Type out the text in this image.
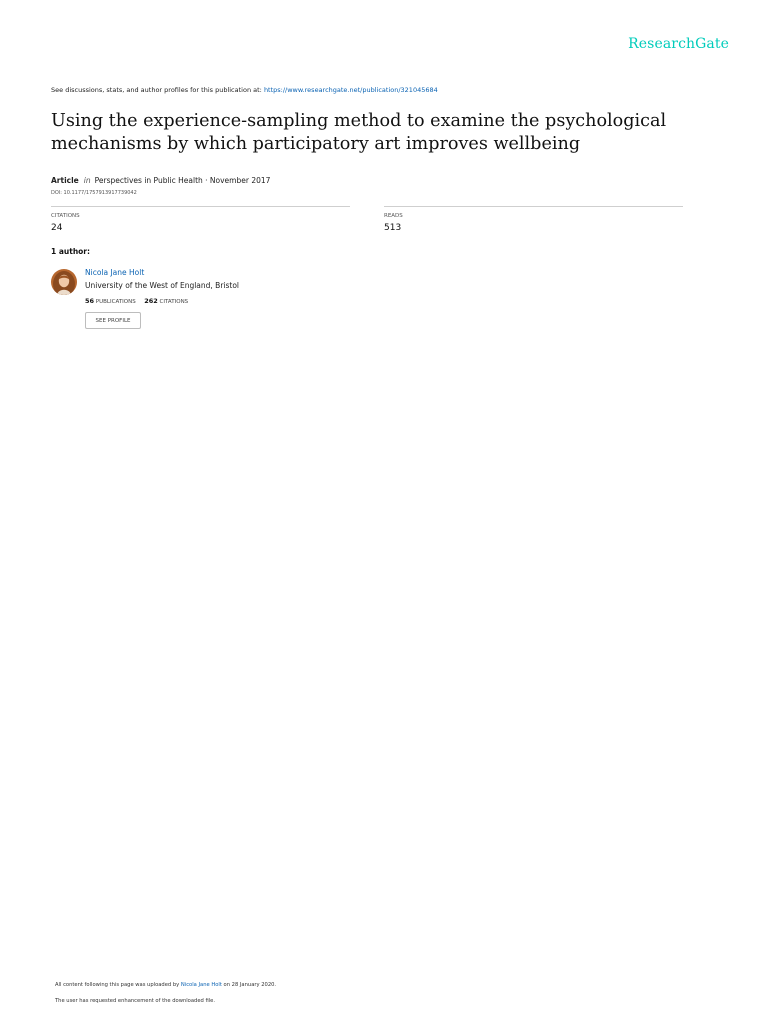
ResearchGate
See discussions, stats, and author profiles for this publication at: https://www.researchgate.net/publication/321045684
Using the experience-sampling method to examine the psychological mechanisms by which participatory art improves wellbeing
Article in Perspectives in Public Health · November 2017
DOI: 10.1177/1757913917739042
CITATIONS
24
READS
513
1 author:
Nicola Jane Holt
University of the West of England, Bristol
56 PUBLICATIONS 262 CITATIONS
SEE PROFILE
All content following this page was uploaded by Nicola Jane Holt on 28 January 2020.
The user has requested enhancement of the downloaded file.
